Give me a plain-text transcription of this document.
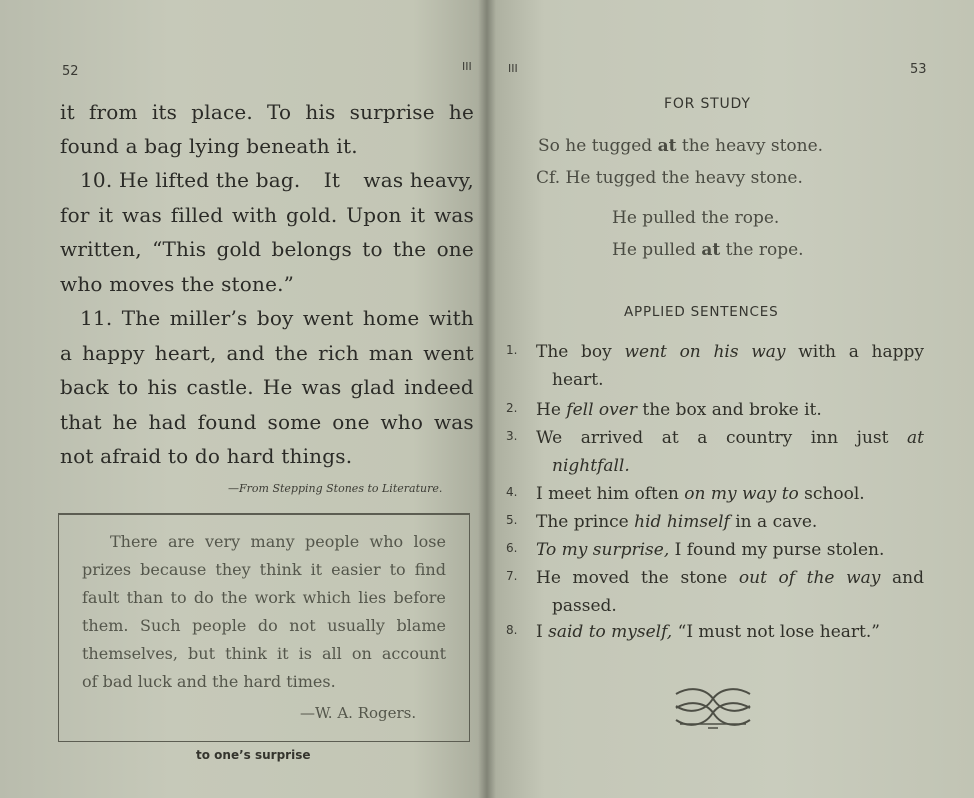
52	III
it from its place. To his surprise he
found a bag lying beneath it.
10. He lifted the bag. It was heavy,
for it was filled with gold. Upon it was
written, “This gold belongs to the one
who moves the stone.”
11. The miller’s boy went home with
a happy heart, and the rich man went
back to his castle. He was glad indeed
that he had found some one who was
not afraid to do hard things.
—From Stepping Stones to Literature.
There are very many people who lose
prizes because they think it easier to find
fault than to do the work which lies before
them. Such people do not usually blame
themselves, but think it is all on account
of bad luck and the hard times.
—W. A. Rogers.
to one’s surprise
III	53
FOR STUDY
So he tugged at the heavy stone.
Cf. He tugged the heavy stone.
He pulled the rope.
He pulled at the rope.
APPLIED SENTENCES
1. The boy went on his way with a happy
heart.
2. He fell over the box and broke it.
3. We arrived at a country inn just at
nightfall.
4. I meet him often on my way to school.
5. The prince hid himself in a cave.
6. To my surprise, I found my purse stolen.
7. He moved the stone out of the way and
passed.
8. I said to myself, “I must not lose heart.”
